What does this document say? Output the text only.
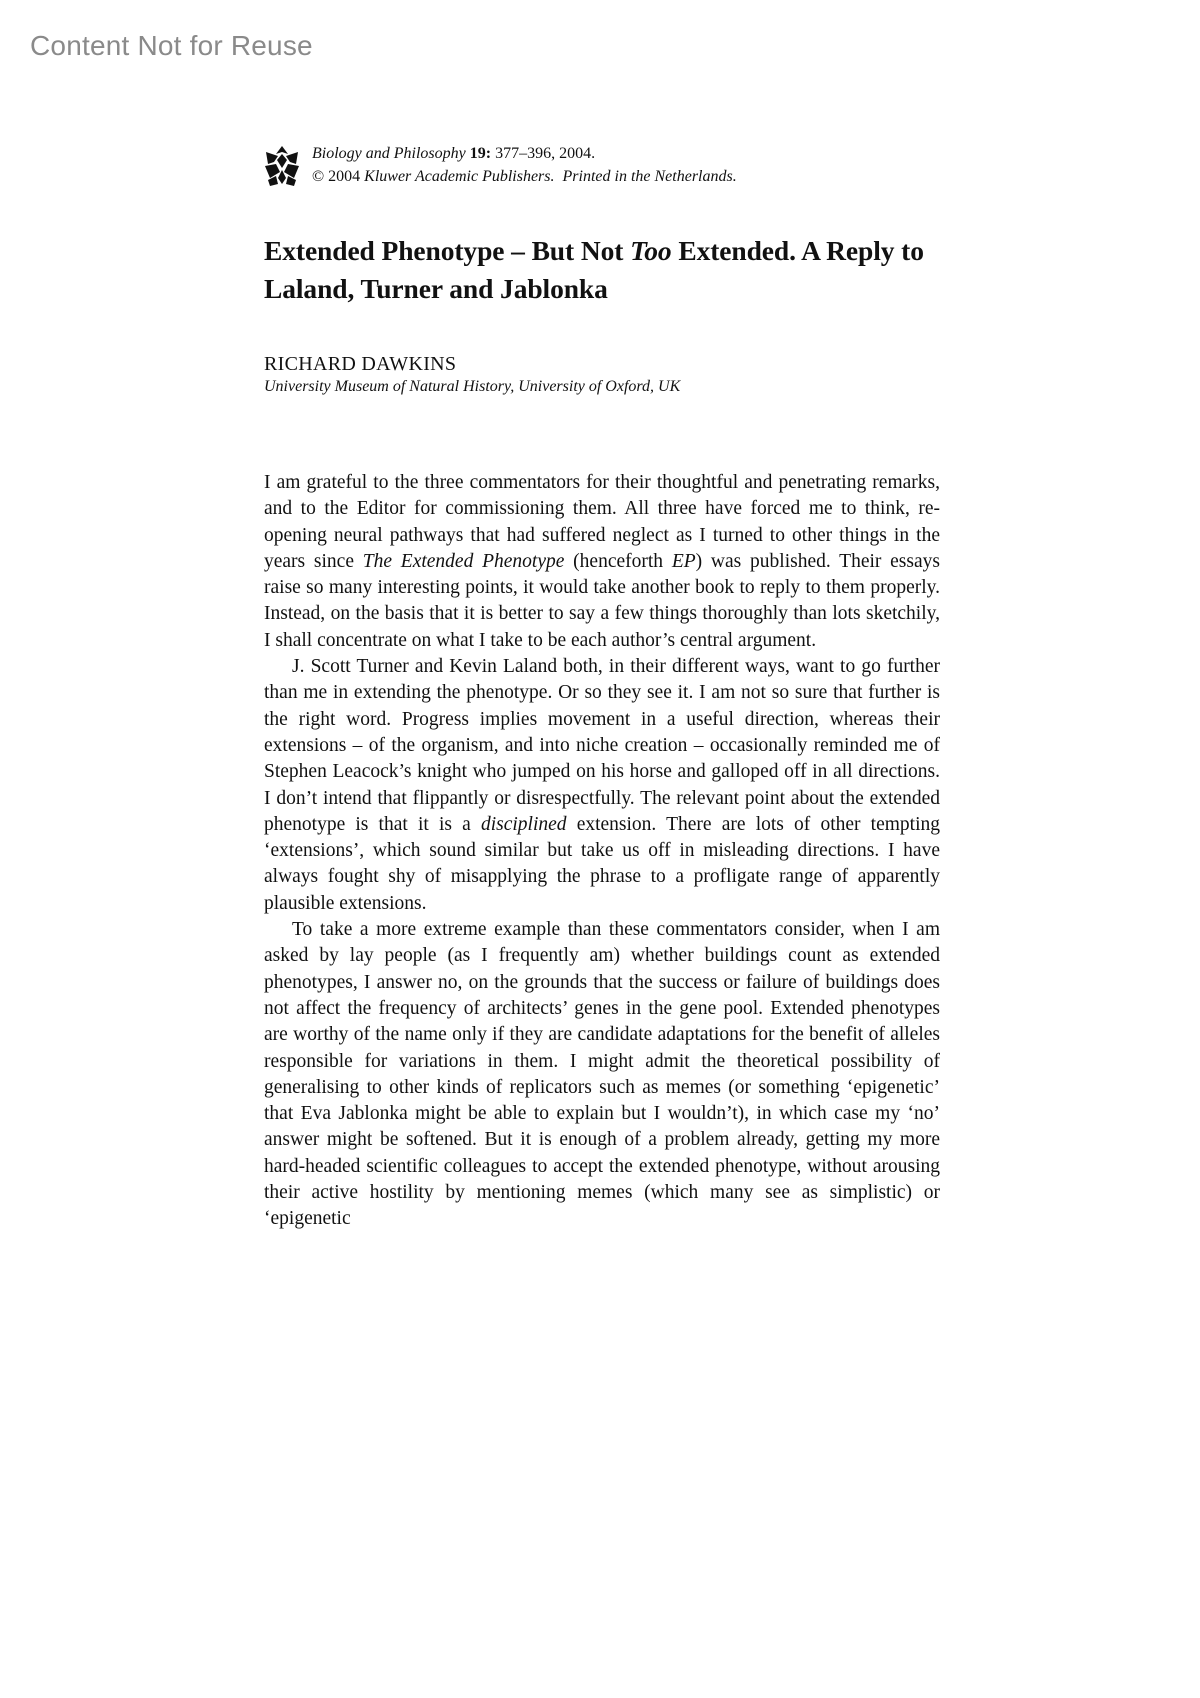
Content Not for Reuse
Biology and Philosophy 19: 377–396, 2004.
© 2004 Kluwer Academic Publishers. Printed in the Netherlands.
Extended Phenotype – But Not Too Extended. A Reply to Laland, Turner and Jablonka
RICHARD DAWKINS
University Museum of Natural History, University of Oxford, UK

I am grateful to the three commentators for their thoughtful and penetrating remarks, and to the Editor for commissioning them. All three have forced me to think, re-opening neural pathways that had suffered neglect as I turned to other things in the years since The Extended Phenotype (henceforth EP) was published. Their essays raise so many interesting points, it would take another book to reply to them properly. Instead, on the basis that it is better to say a few things thoroughly than lots sketchily, I shall concentrate on what I take to be each author’s central argument.

J. Scott Turner and Kevin Laland both, in their different ways, want to go further than me in extending the phenotype. Or so they see it. I am not so sure that further is the right word. Progress implies movement in a useful direction, whereas their extensions – of the organism, and into niche creation – occasionally reminded me of Stephen Leacock’s knight who jumped on his horse and galloped off in all directions. I don’t intend that flippantly or disrespectfully. The relevant point about the extended phenotype is that it is a disciplined extension. There are lots of other tempting ‘extensions’, which sound similar but take us off in misleading directions. I have always fought shy of misapplying the phrase to a profligate range of apparently plausible extensions.

To take a more extreme example than these commentators consider, when I am asked by lay people (as I frequently am) whether buildings count as extended phenotypes, I answer no, on the grounds that the success or failure of buildings does not affect the frequency of architects’ genes in the gene pool. Extended phenotypes are worthy of the name only if they are candidate adaptations for the benefit of alleles responsible for variations in them. I might admit the theoretical possibility of generalising to other kinds of replicators such as memes (or something ‘epigenetic’ that Eva Jablonka might be able to explain but I wouldn’t), in which case my ‘no’ answer might be softened. But it is enough of a problem already, getting my more hard-headed scientific colleagues to accept the extended phenotype, without arousing their active hostility by mentioning memes (which many see as simplistic) or ‘epigenetic
